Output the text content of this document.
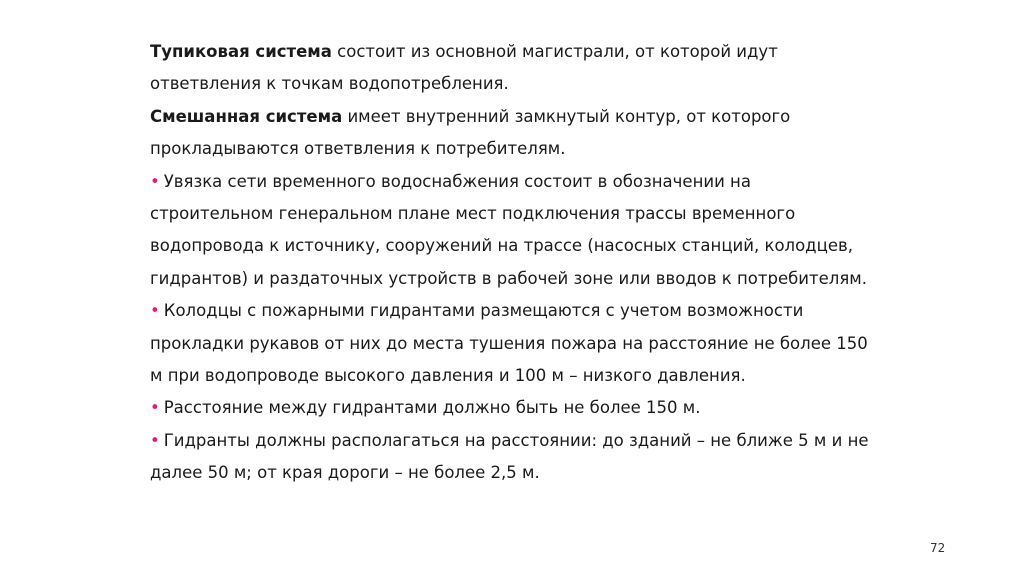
Тупиковая система состоит из основной магистрали, от которой идут ответвления к точкам водопотребления.

Смешанная система имеет внутренний замкнутый контур, от которого прокладываются ответвления к потребителям.

• Увязка сети временного водоснабжения состоит в обозначении на строительном генеральном плане мест подключения трассы временного водопровода к источнику, сооружений на трассе (насосных станций, колодцев, гидрантов) и раздаточных устройств в рабочей зоне или вводов к потребителям.

• Колодцы с пожарными гидрантами размещаются с учетом возможности прокладки рукавов от них до места тушения пожара на расстояние не более 150 м при водопроводе высокого давления и 100 м – низкого давления.

• Расстояние между гидрантами должно быть не более 150 м.

• Гидранты должны располагаться на расстоянии: до зданий – не ближе 5 м и не далее 50 м; от края дороги – не более 2,5 м.

72
